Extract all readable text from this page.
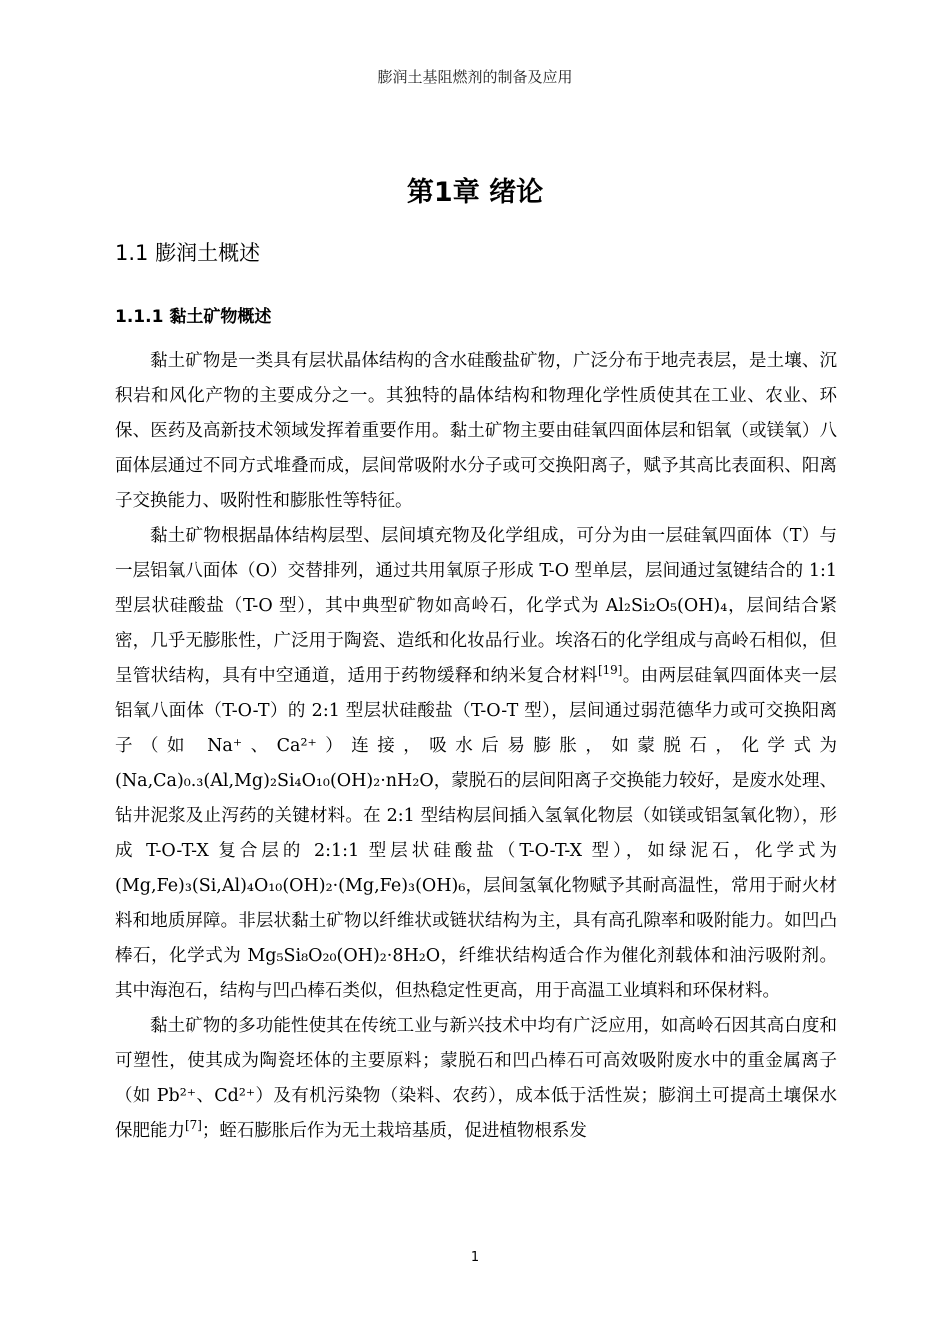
膨润土基阻燃剂的制备及应用
第1章 绪论
1.1 膨润土概述
1.1.1 黏土矿物概述

黏土矿物是一类具有层状晶体结构的含水硅酸盐矿物，广泛分布于地壳表层，是土壤、沉积岩和风化产物的主要成分之一。其独特的晶体结构和物理化学性质使其在工业、农业、环保、医药及高新技术领域发挥着重要作用。黏土矿物主要由硅氧四面体层和铝氧（或镁氧）八面体层通过不同方式堆叠而成，层间常吸附水分子或可交换阳离子，赋予其高比表面积、阳离子交换能力、吸附性和膨胀性等特征。

黏土矿物根据晶体结构层型、层间填充物及化学组成，可分为由一层硅氧四面体（T）与一层铝氧八面体（O）交替排列，通过共用氧原子形成 T-O 型单层，层间通过氢键结合的 1:1 型层状硅酸盐（T-O 型），其中典型矿物如高岭石，化学式为 Al₂Si₂O₅(OH)₄，层间结合紧密，几乎无膨胀性，广泛用于陶瓷、造纸和化妆品行业。埃洛石的化学组成与高岭石相似，但呈管状结构，具有中空通道，适用于药物缓释和纳米复合材料[19]。由两层硅氧四面体夹一层铝氧八面体（T-O-T）的 2:1 型层状硅酸盐（T-O-T 型），层间通过弱范德华力或可交换阳离子（如 Na⁺、Ca²⁺）连接，吸水后易膨胀，如蒙脱石，化学式为(Na,Ca)₀.₃(Al,Mg)₂Si₄O₁₀(OH)₂·nH₂O，蒙脱石的层间阳离子交换能力较好，是废水处理、钻井泥浆及止泻药的关键材料。在 2:1 型结构层间插入氢氧化物层（如镁或铝氢氧化物），形成 T-O-T-X 复合层的 2:1:1 型层状硅酸盐（T-O-T-X 型），如绿泥石，化学式为(Mg,Fe)₃(Si,Al)₄O₁₀(OH)₂·(Mg,Fe)₃(OH)₆，层间氢氧化物赋予其耐高温性，常用于耐火材料和地质屏障。非层状黏土矿物以纤维状或链状结构为主，具有高孔隙率和吸附能力。如凹凸棒石，化学式为 Mg₅Si₈O₂₀(OH)₂·8H₂O，纤维状结构适合作为催化剂载体和油污吸附剂。其中海泡石，结构与凹凸棒石类似，但热稳定性更高，用于高温工业填料和环保材料。

黏土矿物的多功能性使其在传统工业与新兴技术中均有广泛应用，如高岭石因其高白度和可塑性，使其成为陶瓷坯体的主要原料；蒙脱石和凹凸棒石可高效吸附废水中的重金属离子（如 Pb²⁺、Cd²⁺）及有机污染物（染料、农药），成本低于活性炭；膨润土可提高土壤保水保肥能力[7]；蛭石膨胀后作为无土栽培基质，促进植物根系发

1
